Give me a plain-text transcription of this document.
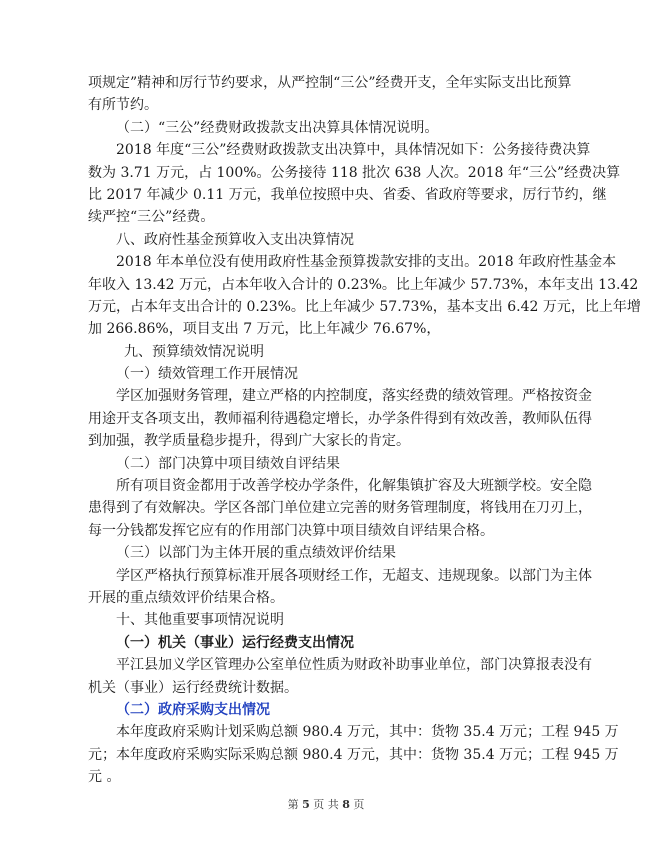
项规定”精神和厉行节约要求，从严控制“三公”经费开支，全年实际支出比预算
有所节约。
（二）“三公”经费财政拨款支出决算具体情况说明。
2018 年度“三公”经费财政拨款支出决算中，具体情况如下：公务接待费决算
数为 3.71 万元，占 100%。公务接待 118 批次 638 人次。2018 年“三公”经费决算
比 2017 年减少 0.11 万元，我单位按照中央、省委、省政府等要求，厉行节约，继
续严控“三公”经费。
八、政府性基金预算收入支出决算情况
2018 年本单位没有使用政府性基金预算拨款安排的支出。2018 年政府性基金本
年收入 13.42 万元，占本年收入合计的 0.23%。比上年减少 57.73%，本年支出 13.42
万元，占本年支出合计的 0.23%。比上年减少 57.73%，基本支出 6.42 万元，比上年增
加 266.86%，项目支出 7 万元，比上年减少 76.67%，
九、预算绩效情况说明
（一）绩效管理工作开展情况
学区加强财务管理，建立严格的内控制度，落实经费的绩效管理。严格按资金
用途开支各项支出，教师福利待遇稳定增长，办学条件得到有效改善，教师队伍得
到加强，教学质量稳步提升，得到广大家长的肯定。
（二）部门决算中项目绩效自评结果
所有项目资金都用于改善学校办学条件，化解集镇扩容及大班额学校。安全隐
患得到了有效解决。学区各部门单位建立完善的财务管理制度，将钱用在刀刃上，
每一分钱都发挥它应有的作用部门决算中项目绩效自评结果合格。
（三）以部门为主体开展的重点绩效评价结果
学区严格执行预算标准开展各项财经工作，无超支、违规现象。以部门为主体
开展的重点绩效评价结果合格。
十、其他重要事项情况说明
（一）机关（事业）运行经费支出情况
平江县加义学区管理办公室单位性质为财政补助事业单位，部门决算报表没有
机关（事业）运行经费统计数据。
（二）政府采购支出情况
本年度政府采购计划采购总额 980.4 万元，其中：货物 35.4 万元；工程 945 万
元；本年度政府采购实际采购总额 980.4 万元，其中：货物 35.4 万元；工程 945 万
元 。
第 5 页 共 8 页
